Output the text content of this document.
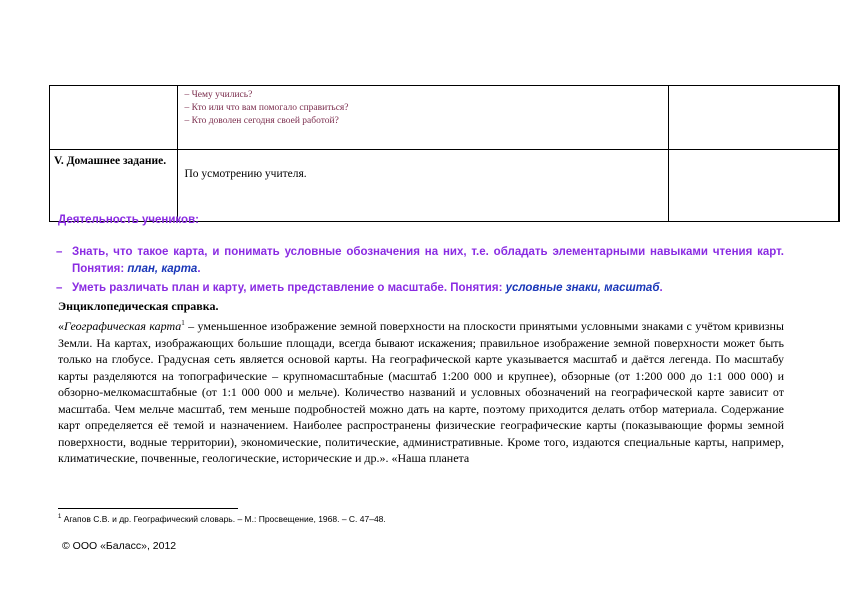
	– Чему учились?
– Кто или что вам помогало справиться?
– Кто доволен сегодня своей работой?	

V. Домашнее задание.	По усмотрению учителя.	
Деятельность учеников:
– Знать, что такое карта, и понимать условные обозначения на них, т.е. обладать элементарными навыками чтения карт. Понятия: план, карта.
– Уметь различать план и карту, иметь представление о масштабе. Понятия: условные знаки, масштаб.
Энциклопедическая справка.
«Географическая карта$^1$ – уменьшенное изображение земной поверхности на плоскости принятыми условными знаками с учётом кривизны Земли. На картах, изображающих большие площади, всегда бывают искажения; правильное изображение земной поверхности может быть только на глобусе. Градусная сеть является основой карты. На географической карте указывается масштаб и даётся легенда. По масштабу карты разделяются на топографические – крупномасштабные (масштаб 1:200 000 и крупнее), обзорные (от 1:200 000 до 1:1 000 000) и обзорно-мелкомасштабные (от 1:1 000 000 и мельче). Количество названий и условных обозначений на географической карте зависит от масштаба. Чем мельче масштаб, тем меньше подробностей можно дать на карте, поэтому приходится делать отбор материала. Содержание карт определяется её темой и назначением. Наиболее распространены физические географические карты (показывающие формы земной поверхности, водные территории), экономические, политические, административные. Кроме того, издаются специальные карты, например, климатические, почвенные, геологические, исторические и др.». «Наша планета
$^1$ Агапов С.В. и др. Географический словарь. – М.: Просвещение, 1968. – С. 47–48.
© ООО «Баласс», 2012
